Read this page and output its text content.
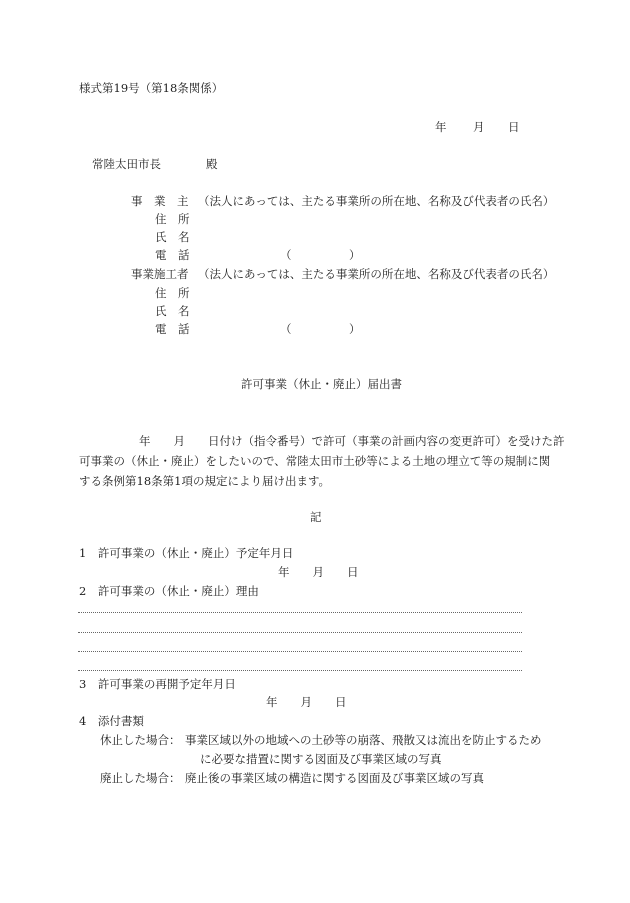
様式第19号（第18条関係）
年 月 日
常陸太田市長	殿
事　業　主 （法人にあっては、主たる事業所の所在地、名称及び代表者の氏名）
住　所
氏　名
電　話	（　　　　　）
事業施工者 （法人にあっては、主たる事業所の所在地、名称及び代表者の氏名）
住　所
氏　名
電　話	（　　　　　）
許可事業（休止・廃止）届出書
年　　月　　日付け（指令番号）で許可（事業の計画内容の変更許可）を受けた許
可事業の（休止・廃止）をしたいので、常陸太田市土砂等による土地の埋立て等の規制に関
する条例第18条第1項の規定により届け出ます。
記
1　許可事業の（休止・廃止）予定年月日
年　　月　　日
2　許可事業の（休止・廃止）理由
3　許可事業の再開予定年月日
年　　月　　日
4　添付書類
休止した場合： 事業区域以外の地域への土砂等の崩落、飛散又は流出を防止するため
に必要な措置に関する図面及び事業区域の写真
廃止した場合： 廃止後の事業区域の構造に関する図面及び事業区域の写真
